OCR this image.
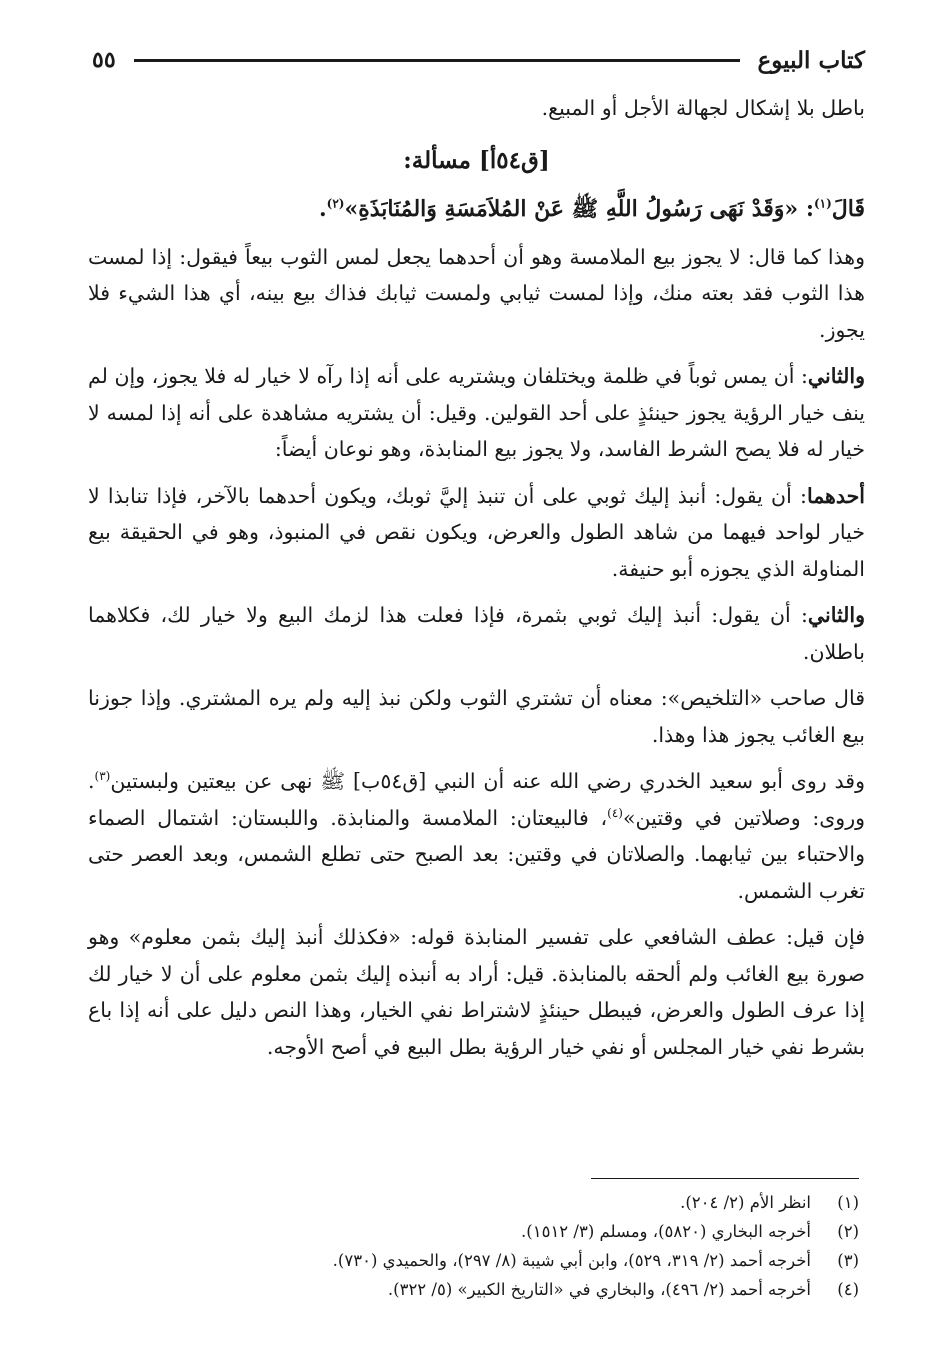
كتاب البيوع
٥٥

باطل بلا إشكال لجهالة الأجل أو المبيع.

[ق٥٤أ] مسألة:

قَالَ$^{(١)}$: «وَقَدْ نَهَى رَسُولُ اللَّهِ ﷺ عَنْ المُلاَمَسَةِ وَالمُنَابَذَةِ»$^{(٢)}$.

وهذا كما قال: لا يجوز بيع الملامسة وهو أن أحدهما يجعل لمس الثوب بيعاً فيقول: إذا لمست هذا الثوب فقد بعته منك، وإذا لمست ثيابي ولمست ثيابك فذاك بيع بينه، أي هذا الشيء فلا يجوز.

والثاني: أن يمس ثوباً في ظلمة ويختلفان ويشتريه على أنه إذا رآه لا خيار له فلا يجوز، وإن لم ينف خيار الرؤية يجوز حينئذٍ على أحد القولين. وقيل: أن يشتريه مشاهدة على أنه إذا لمسه لا خيار له فلا يصح الشرط الفاسد، ولا يجوز بيع المنابذة، وهو نوعان أيضاً:

أحدهما: أن يقول: أنبذ إليك ثوبي على أن تنبذ إليَّ ثوبك، ويكون أحدهما بالآخر، فإذا تنابذا لا خيار لواحد فيهما من شاهد الطول والعرض، ويكون نقص في المنبوذ، وهو في الحقيقة بيع المناولة الذي يجوزه أبو حنيفة.

والثاني: أن يقول: أنبذ إليك ثوبي بثمرة، فإذا فعلت هذا لزمك البيع ولا خيار لك، فكلاهما باطلان.

قال صاحب «التلخيص»: معناه أن تشتري الثوب ولكن نبذ إليه ولم يره المشتري. وإذا جوزنا بيع الغائب يجوز هذا وهذا.

وقد روى أبو سعيد الخدري رضي الله عنه أن النبي [ق٥٤ب] ﷺ نهى عن بيعتين ولبستين$^{(٣)}$. وروى: وصلاتين في وقتين»$^{(٤)}$، فالبيعتان: الملامسة والمنابذة. واللبستان: اشتمال الصماء والاحتباء بين ثيابهما. والصلاتان في وقتين: بعد الصبح حتى تطلع الشمس، وبعد العصر حتى تغرب الشمس.

فإن قيل: عطف الشافعي على تفسير المنابذة قوله: «فكذلك أنبذ إليك بثمن معلوم» وهو صورة بيع الغائب ولم ألحقه بالمنابذة. قيل: أراد به أنبذه إليك بثمن معلوم على أن لا خيار لك إذا عرف الطول والعرض، فيبطل حينئذٍ لاشتراط نفي الخيار، وهذا النص دليل على أنه إذا باع بشرط نفي خيار المجلس أو نفي خيار الرؤية بطل البيع في أصح الأوجه.

(١)
انظر الأم (٢/ ٢٠٤).
(٢)
أخرجه البخاري (٥٨٢٠)، ومسلم (٣/ ١٥١٢).
(٣)
أخرجه أحمد (٢/ ٣١٩، ٥٢٩)، وابن أبي شيبة (٨/ ٢٩٧)، والحميدي (٧٣٠).
(٤)
أخرجه أحمد (٢/ ٤٩٦)، والبخاري في «التاريخ الكبير» (٥/ ٣٢٢).
